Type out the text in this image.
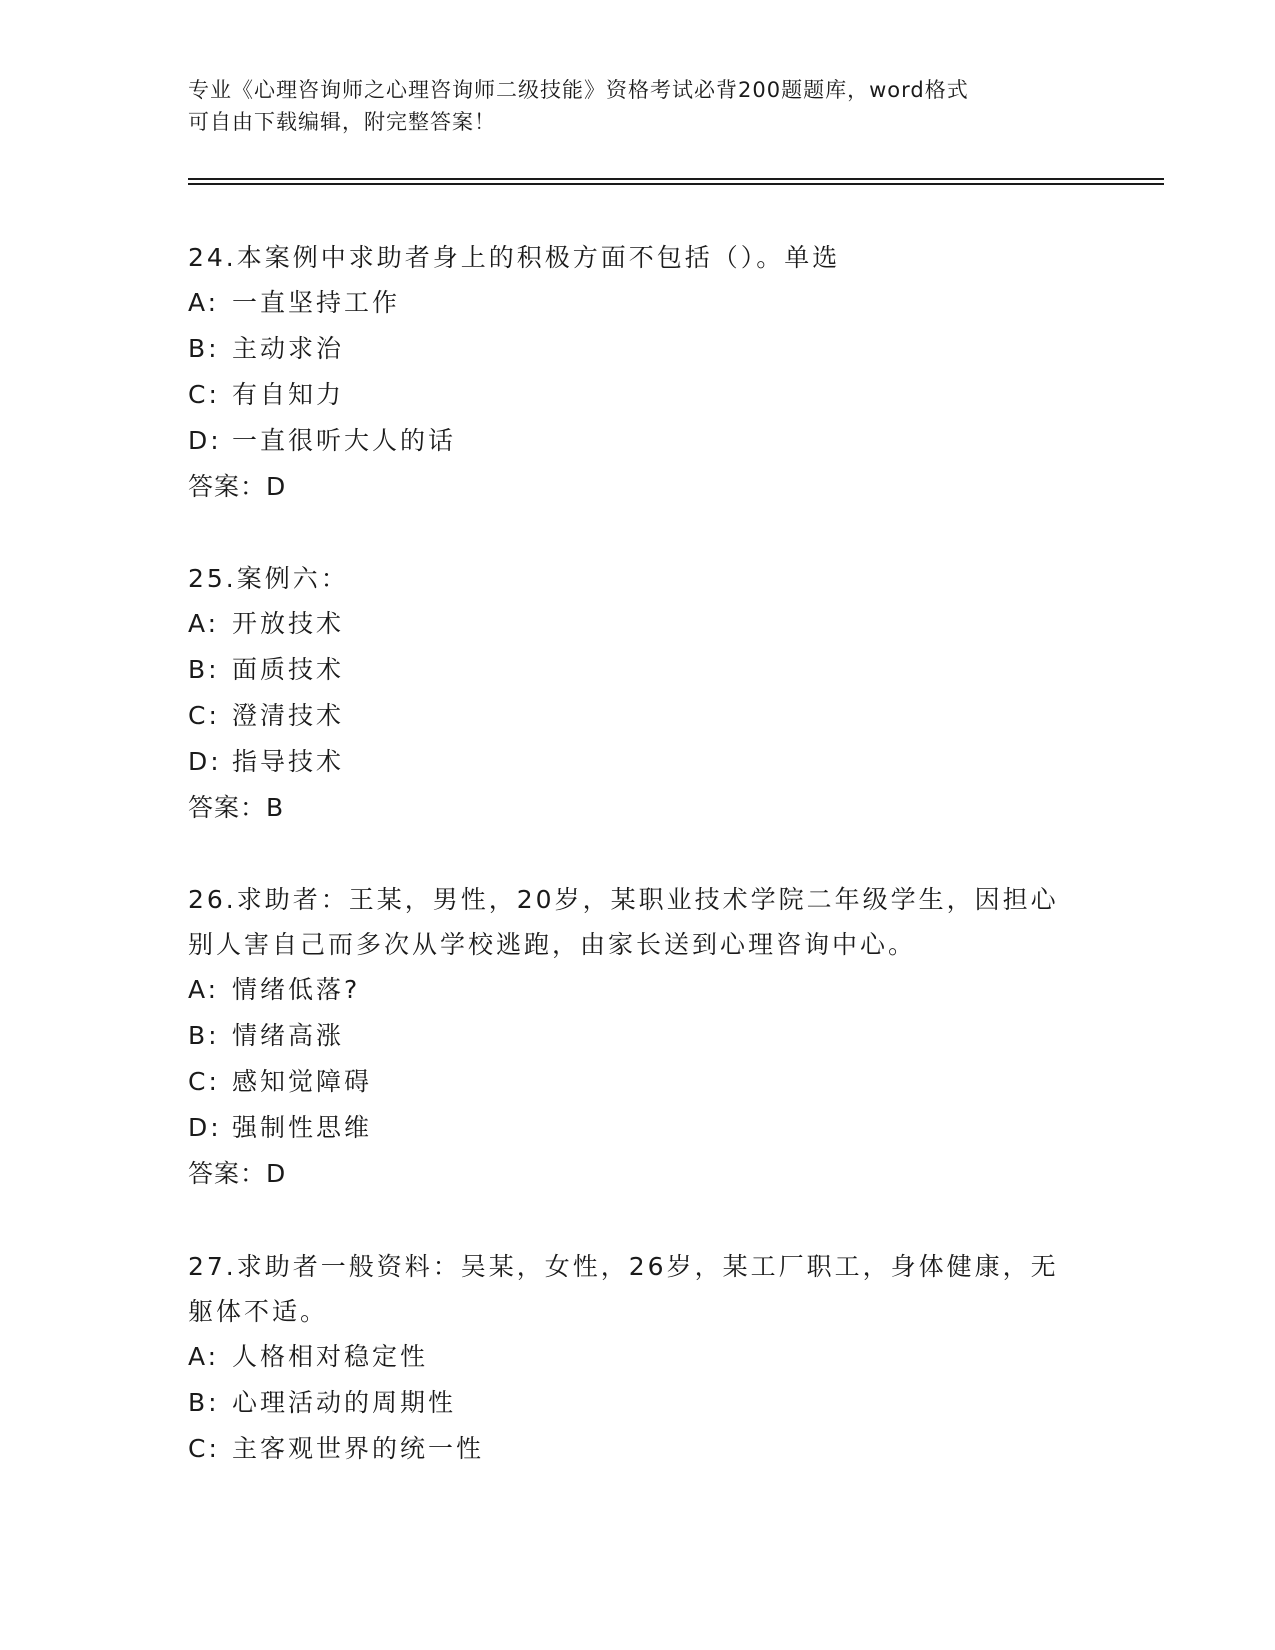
专业《心理咨询师之心理咨询师二级技能》资格考试必背200题题库，word格式
可自由下载编辑，附完整答案！
24.本案例中求助者身上的积极方面不包括（）。单选
A: 一直坚持工作
B: 主动求治
C: 有自知力
D: 一直很听大人的话
答案：D
25.案例六：
A: 开放技术
B: 面质技术
C: 澄清技术
D: 指导技术
答案：B
26.求助者：王某，男性，20岁，某职业技术学院二年级学生，因担心
别人害自己而多次从学校逃跑，由家长送到心理咨询中心。
A: 情绪低落?
B: 情绪高涨
C: 感知觉障碍
D: 强制性思维
答案：D
27.求助者一般资料：吴某，女性，26岁，某工厂职工，身体健康，无
躯体不适。
A: 人格相对稳定性
B: 心理活动的周期性
C: 主客观世界的统一性
